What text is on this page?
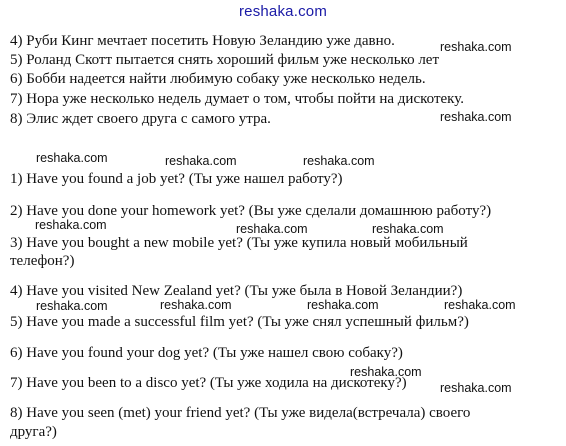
reshaka.com
4) Руби Кинг мечтает посетить Новую Зеландию уже давно.
5) Роланд Скотт пытается снять хороший фильм уже несколько лет
6) Бобби надеется найти любимую собаку уже несколько недель.
7) Нора уже несколько недель думает о том, чтобы пойти на дискотеку.
8) Элис ждет своего друга с самого утра.
1) Have you found a job yet? (Ты уже нашел работу?)
2) Have you done your homework yet? (Вы уже сделали домашнюю работу?)
3) Have you bought a new mobile yet? (Ты уже купила новый мобильный
телефон?)
4) Have you visited New Zealand yet? (Ты уже была в Новой Зеландии?)
5) Have you made a successful film yet? (Ты уже снял успешный фильм?)
6) Have you found your dog yet? (Ты уже нашел свою собаку?)
7) Have you been to a disco yet? (Ты уже ходила на дискотеку?)
8) Have you seen (met) your friend yet? (Ты уже видела(встречала) своего
друга?)
reshaka.com
reshaka.com
reshaka.com	reshaka.com	reshaka.com
reshaka.com	reshaka.com	reshaka.com
reshaka.com	reshaka.com	reshaka.com	reshaka.com
reshaka.com
reshaka.com
